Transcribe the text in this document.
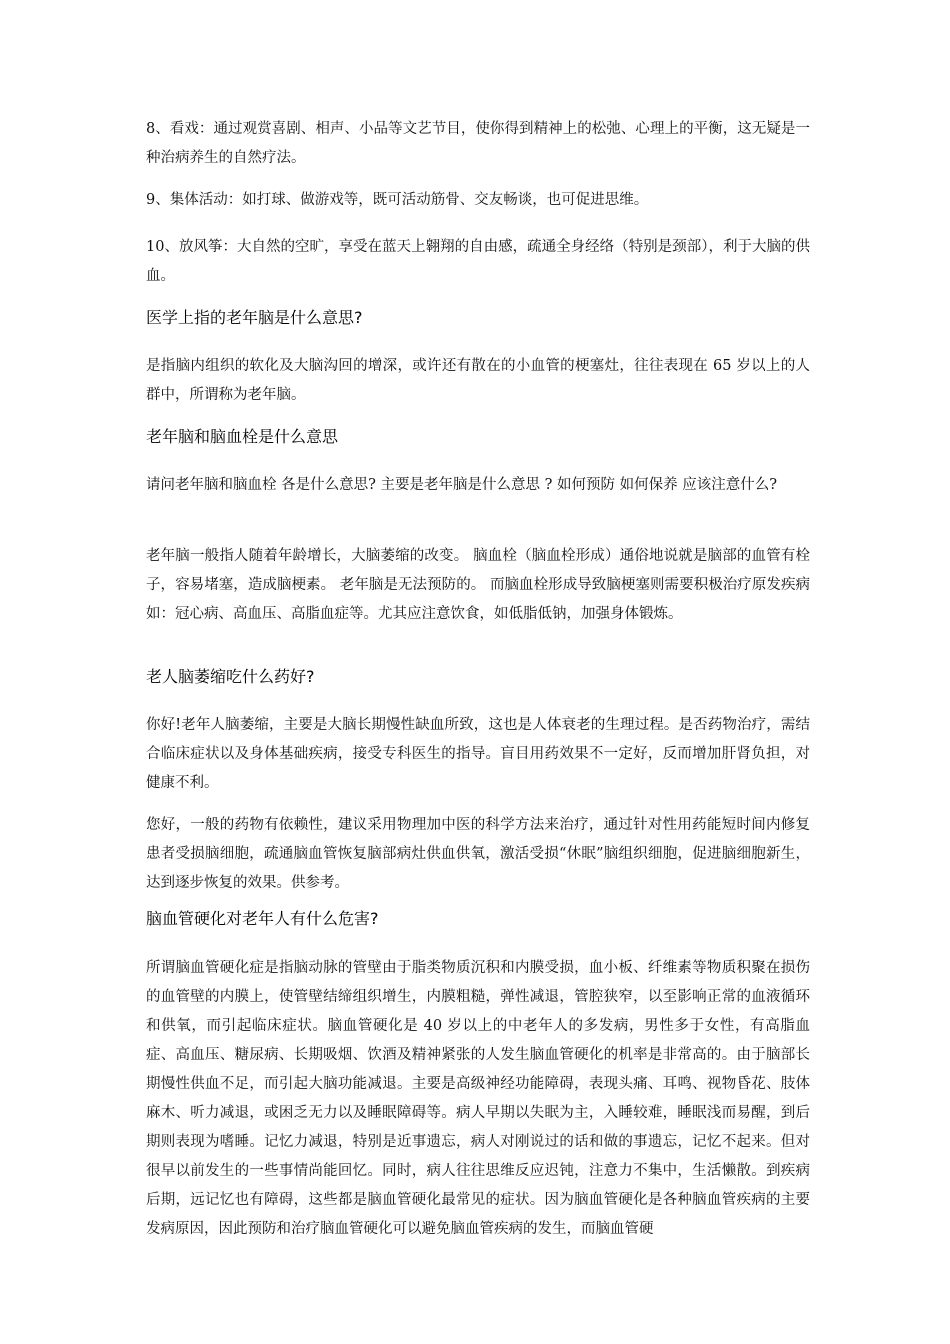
8、看戏：通过观赏喜剧、相声、小品等文艺节目，使你得到精神上的松弛、心理上的平衡，这无疑是一种治病养生的自然疗法。

9、集体活动：如打球、做游戏等，既可活动筋骨、交友畅谈，也可促进思维。

10、放风筝：大自然的空旷，享受在蓝天上翱翔的自由感，疏通全身经络（特别是颈部），利于大脑的供血。

医学上指的老年脑是什么意思?

是指脑内组织的软化及大脑沟回的增深，或许还有散在的小血管的梗塞灶，往往表现在 65 岁以上的人群中，所谓称为老年脑。

老年脑和脑血栓是什么意思

请问老年脑和脑血栓 各是什么意思? 主要是老年脑是什么意思 ? 如何预防 如何保养 应该注意什么?

老年脑一般指人随着年龄增长，大脑萎缩的改变。 脑血栓（脑血栓形成）通俗地说就是脑部的血管有栓子，容易堵塞，造成脑梗素。 老年脑是无法预防的。 而脑血栓形成导致脑梗塞则需要积极治疗原发疾病如：冠心病、高血压、高脂血症等。尤其应注意饮食，如低脂低钠，加强身体锻炼。

老人脑萎缩吃什么药好?

你好!老年人脑萎缩，主要是大脑长期慢性缺血所致，这也是人体衰老的生理过程。是否药物治疗，需结合临床症状以及身体基础疾病，接受专科医生的指导。盲目用药效果不一定好，反而增加肝肾负担，对健康不利。

您好，一般的药物有依赖性，建议采用物理加中医的科学方法来治疗，通过针对性用药能短时间内修复患者受损脑细胞，疏通脑血管恢复脑部病灶供血供氧，激活受损“休眠”脑组织细胞，促进脑细胞新生，达到逐步恢复的效果。供参考。

脑血管硬化对老年人有什么危害?

所谓脑血管硬化症是指脑动脉的管壁由于脂类物质沉积和内膜受损，血小板、纤维素等物质积聚在损伤的血管壁的内膜上，使管壁结缔组织增生，内膜粗糙，弹性减退，管腔狭窄，以至影响正常的血液循环和供氧，而引起临床症状。脑血管硬化是 40 岁以上的中老年人的多发病，男性多于女性，有高脂血症、高血压、糖尿病、长期吸烟、饮酒及精神紧张的人发生脑血管硬化的机率是非常高的。由于脑部长期慢性供血不足，而引起大脑功能减退。主要是高级神经功能障碍，表现头痛、耳鸣、视物昏花、肢体麻木、听力减退，或困乏无力以及睡眠障碍等。病人早期以失眠为主，入睡较难，睡眠浅而易醒，到后期则表现为嗜睡。记忆力减退，特别是近事遗忘，病人对刚说过的话和做的事遗忘，记忆不起来。但对很早以前发生的一些事情尚能回忆。同时，病人往往思维反应迟钝，注意力不集中，生活懒散。到疾病后期，远记忆也有障碍，这些都是脑血管硬化最常见的症状。因为脑血管硬化是各种脑血管疾病的主要发病原因，因此预防和治疗脑血管硬化可以避免脑血管疾病的发生，而脑血管硬
